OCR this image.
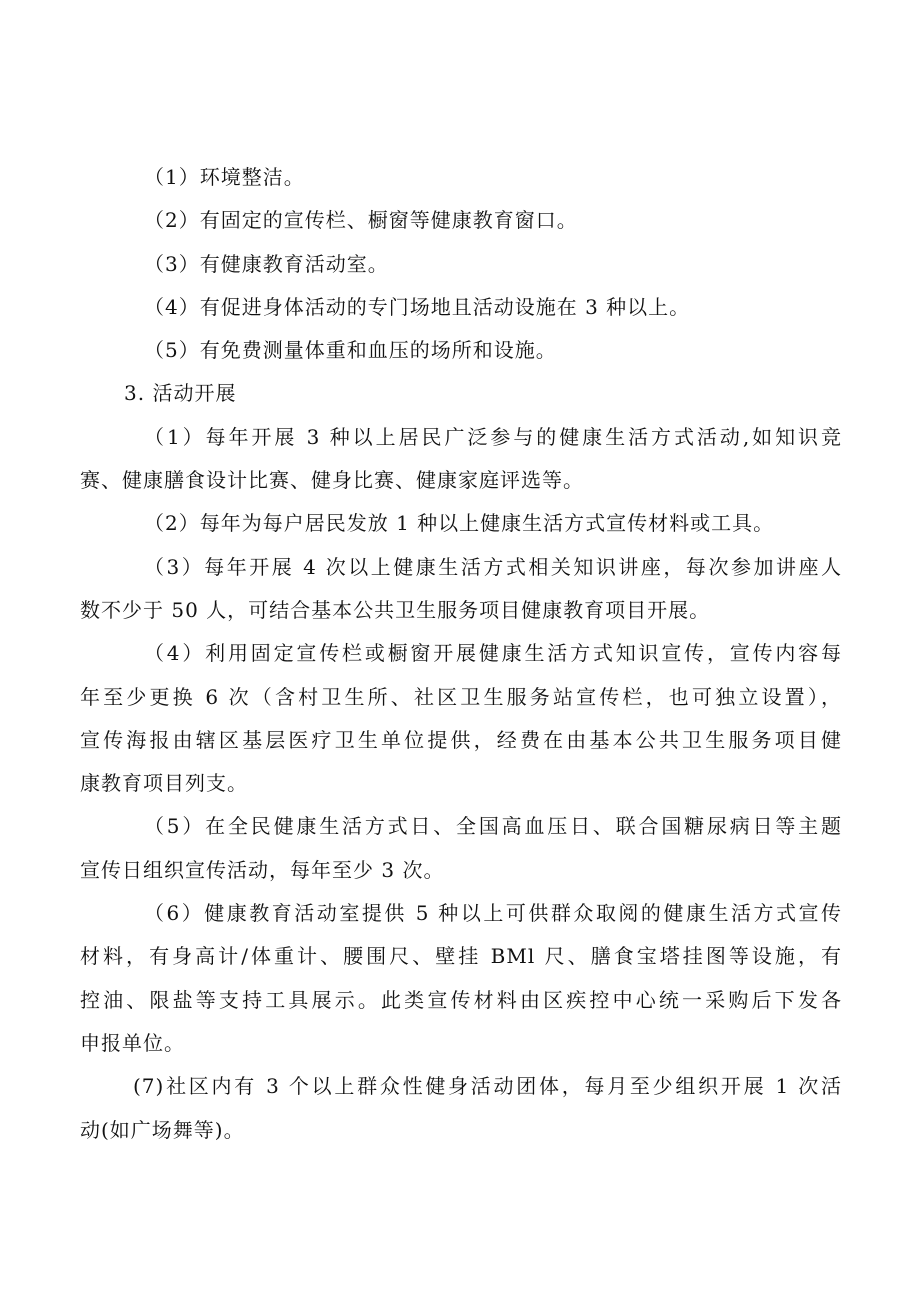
（1）环境整洁。

（2）有固定的宣传栏、橱窗等健康教育窗口。

（3）有健康教育活动室。

（4）有促进身体活动的专门场地且活动设施在 3 种以上。

（5）有免费测量体重和血压的场所和设施。

3. 活动开展

（1）每年开展 3 种以上居民广泛参与的健康生活方式活动,如知识竞

赛、健康膳食设计比赛、健身比赛、健康家庭评选等。

（2）每年为每户居民发放 1 种以上健康生活方式宣传材料或工具。

（3）每年开展 4 次以上健康生活方式相关知识讲座，每次参加讲座人

数不少于 50 人，可结合基本公共卫生服务项目健康教育项目开展。

（4）利用固定宣传栏或橱窗开展健康生活方式知识宣传，宣传内容每

年至少更换 6 次（含村卫生所、社区卫生服务站宣传栏，也可独立设置），

宣传海报由辖区基层医疗卫生单位提供，经费在由基本公共卫生服务项目健

康教育项目列支。

（5）在全民健康生活方式日、全国高血压日、联合国糖尿病日等主题

宣传日组织宣传活动，每年至少 3 次。

（6）健康教育活动室提供 5 种以上可供群众取阅的健康生活方式宣传

材料，有身高计/体重计、腰围尺、壁挂 BMl 尺、膳食宝塔挂图等设施，有

控油、限盐等支持工具展示。此类宣传材料由区疾控中心统一采购后下发各

申报单位。

(7)社区内有 3 个以上群众性健身活动团体，每月至少组织开展 1 次活

动(如广场舞等)。
